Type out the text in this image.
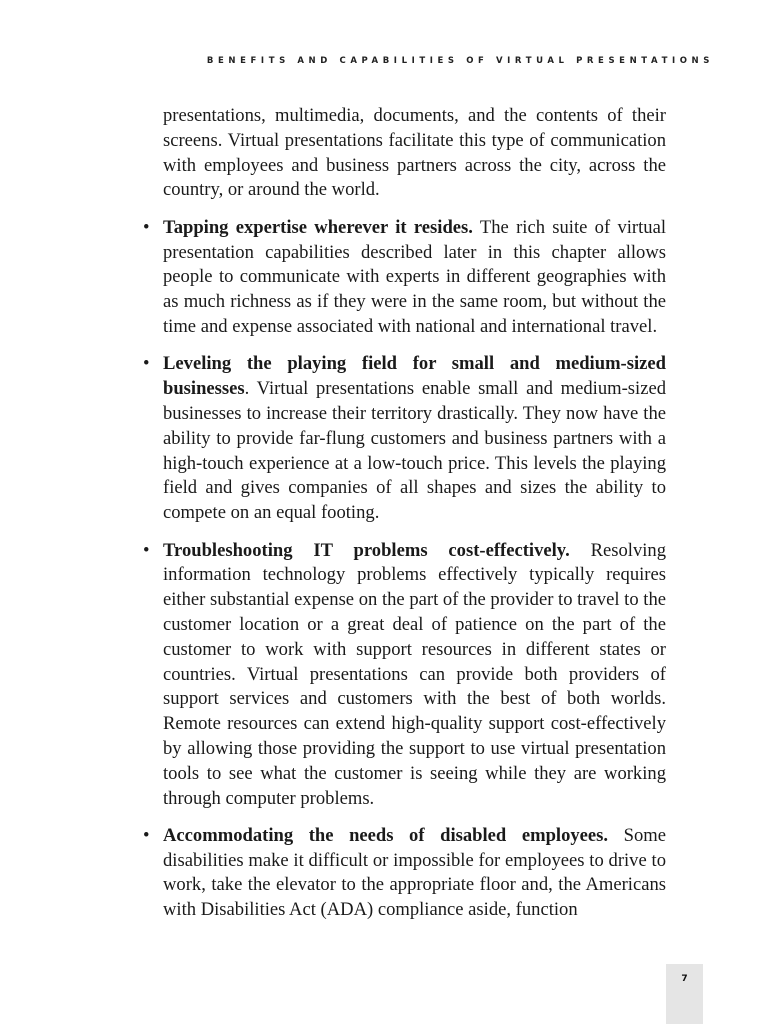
BENEFITS AND CAPABILITIES OF VIRTUAL PRESENTATIONS

presentations, multimedia, documents, and the contents of their screens. Virtual presentations facilitate this type of communication with employees and business partners across the city, across the country, or around the world.

• Tapping expertise wherever it resides. The rich suite of virtual presentation capabilities described later in this chapter allows people to communicate with experts in different geographies with as much richness as if they were in the same room, but without the time and expense associated with national and international travel.
• Leveling the playing field for small and medium-sized businesses. Virtual presentations enable small and medium-sized businesses to increase their territory drastically. They now have the ability to provide far-flung customers and business partners with a high-touch experience at a low-touch price. This levels the playing field and gives companies of all shapes and sizes the ability to compete on an equal footing.
• Troubleshooting IT problems cost-effectively. Resolving information technology problems effectively typically requires either substantial expense on the part of the provider to travel to the customer location or a great deal of patience on the part of the customer to work with support resources in different states or countries. Virtual presentations can provide both providers of support services and customers with the best of both worlds. Remote resources can extend high-quality support cost-effectively by allowing those providing the support to use virtual presentation tools to see what the customer is seeing while they are working through computer problems.
• Accommodating the needs of disabled employees. Some disabilities make it difficult or impossible for employees to drive to work, take the elevator to the appropriate floor and, the Americans with Disabilities Act (ADA) compliance aside, function
7
